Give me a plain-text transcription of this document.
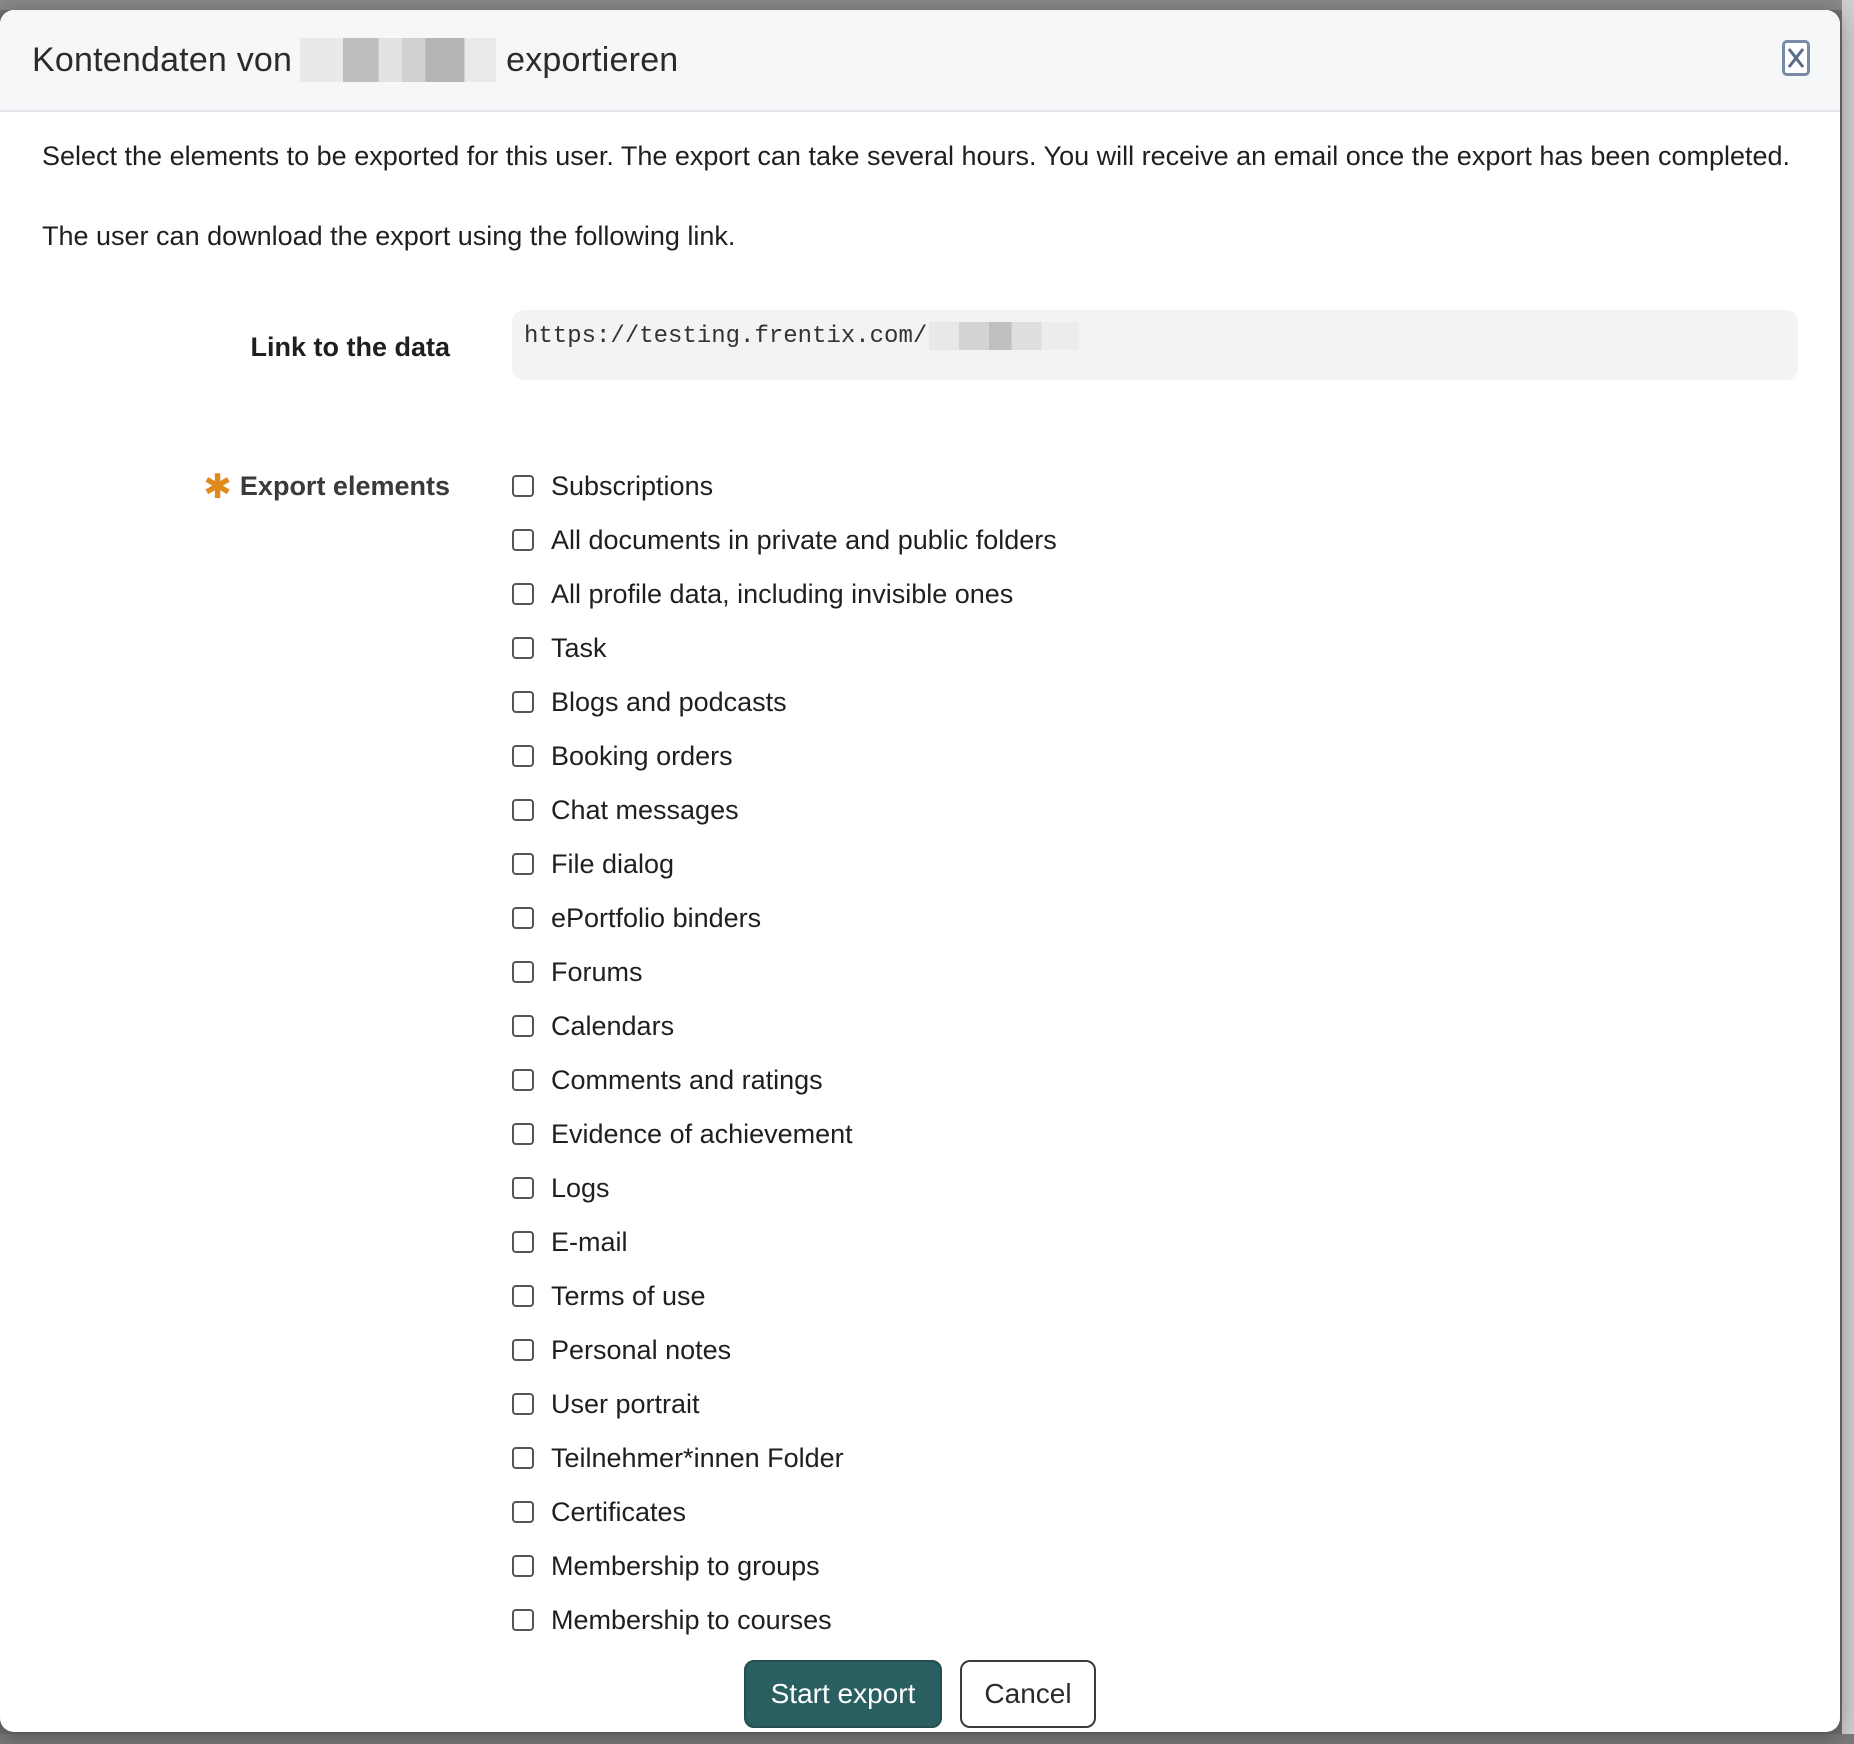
Kontendaten von	exportieren

Select the elements to be exported for this user. The export can take several hours. You will receive an email once the export has been completed.

The user can download the export using the following link.

Link to the data	https://testing.frentix.com/
✱ Export elements	Subscriptions
All documents in private and public folders
All profile data, including invisible ones
Task
Blogs and podcasts
Booking orders
Chat messages
File dialog
ePortfolio binders
Forums
Calendars
Comments and ratings
Evidence of achievement
Logs
E-mail
Terms of use
Personal notes
User portrait
Teilnehmer*innen Folder
Certificates
Membership to groups
Membership to courses
Start export	Cancel
